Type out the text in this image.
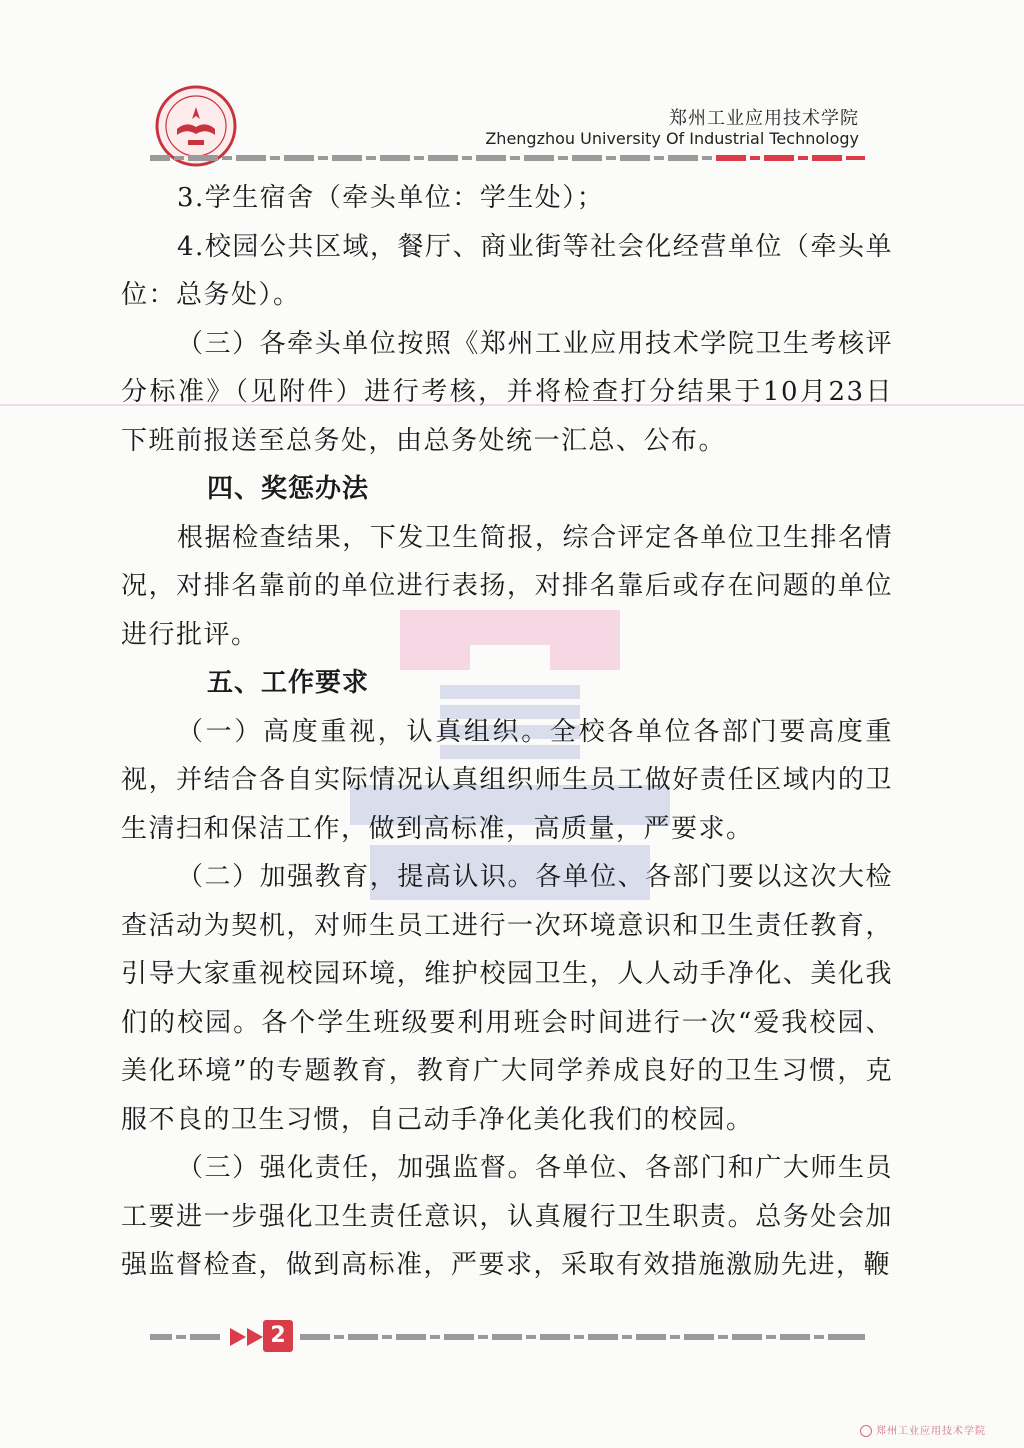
郑州工业应用技术学院
Zhengzhou University Of Industrial Technology

3.学生宿舍（牵头单位：学生处）；

4.校园公共区域，餐厅、商业街等社会化经营单位（牵头单位：总务处）。

（三）各牵头单位按照《郑州工业应用技术学院卫生考核评分标准》（见附件）进行考核，并将检查打分结果于10月23日下班前报送至总务处，由总务处统一汇总、公布。

四、奖惩办法

根据检查结果，下发卫生简报，综合评定各单位卫生排名情况，对排名靠前的单位进行表扬，对排名靠后或存在问题的单位进行批评。

五、工作要求

（一）高度重视，认真组织。全校各单位各部门要高度重视，并结合各自实际情况认真组织师生员工做好责任区域内的卫生清扫和保洁工作，做到高标准，高质量，严要求。

（二）加强教育，提高认识。各单位、各部门要以这次大检查活动为契机，对师生员工进行一次环境意识和卫生责任教育，引导大家重视校园环境，维护校园卫生，人人动手净化、美化我们的校园。各个学生班级要利用班会时间进行一次“爱我校园、美化环境”的专题教育，教育广大同学养成良好的卫生习惯，克服不良的卫生习惯，自己动手净化美化我们的校园。

（三）强化责任，加强监督。各单位、各部门和广大师生员工要进一步强化卫生责任意识，认真履行卫生职责。总务处会加强监督检查，做到高标准，严要求，采取有效措施激励先进，鞭

2
郑州工业应用技术学院
